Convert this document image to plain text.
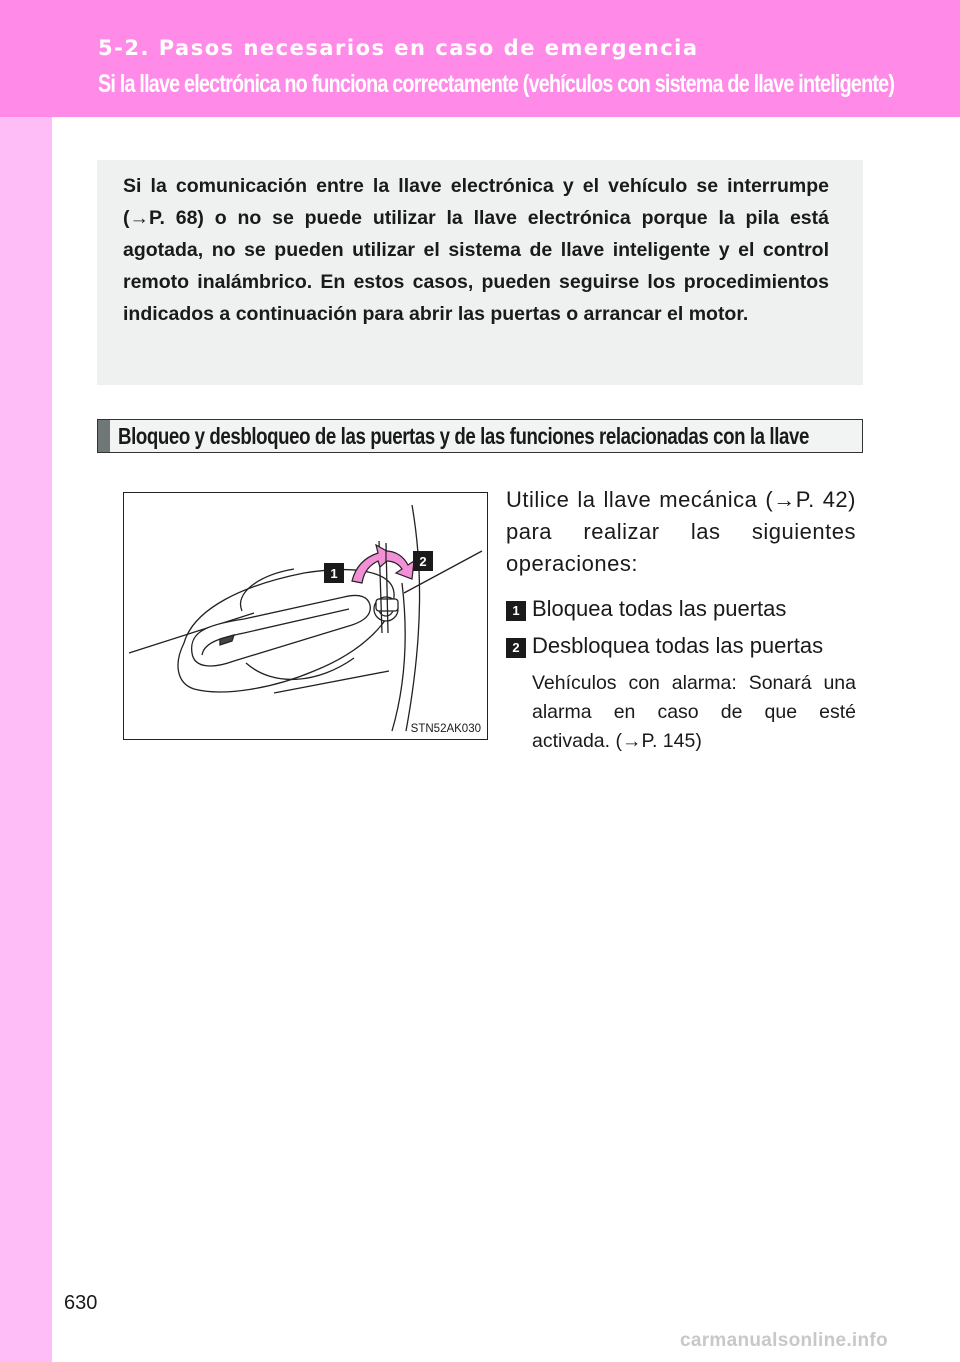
5-2. Pasos necesarios en caso de emergencia
Si la llave electrónica no funciona correctamente (vehículos con sistema de llave inteligente)

Si la comunicación entre la llave electrónica y el vehículo se interrumpe (→P. 68) o no se puede utilizar la llave electrónica porque la pila está agotada, no se pueden utilizar el sistema de llave inteligente y el control remoto inalámbrico. En estos casos, pueden seguirse los procedimientos indicados a continuación para abrir las puertas o arrancar el motor.

Bloqueo y desbloqueo de las puertas y de las funciones relacionadas con la llave
1
2
STN52AK030

Utilice la llave mecánica (→P. 42) para realizar las siguientes operaciones:

1 Bloquea todas las puertas
2 Desbloquea todas las puertas

Vehículos con alarma: Sonará una alarma en caso de que esté activada. (→P. 145)

630
carmanualsonline.info
